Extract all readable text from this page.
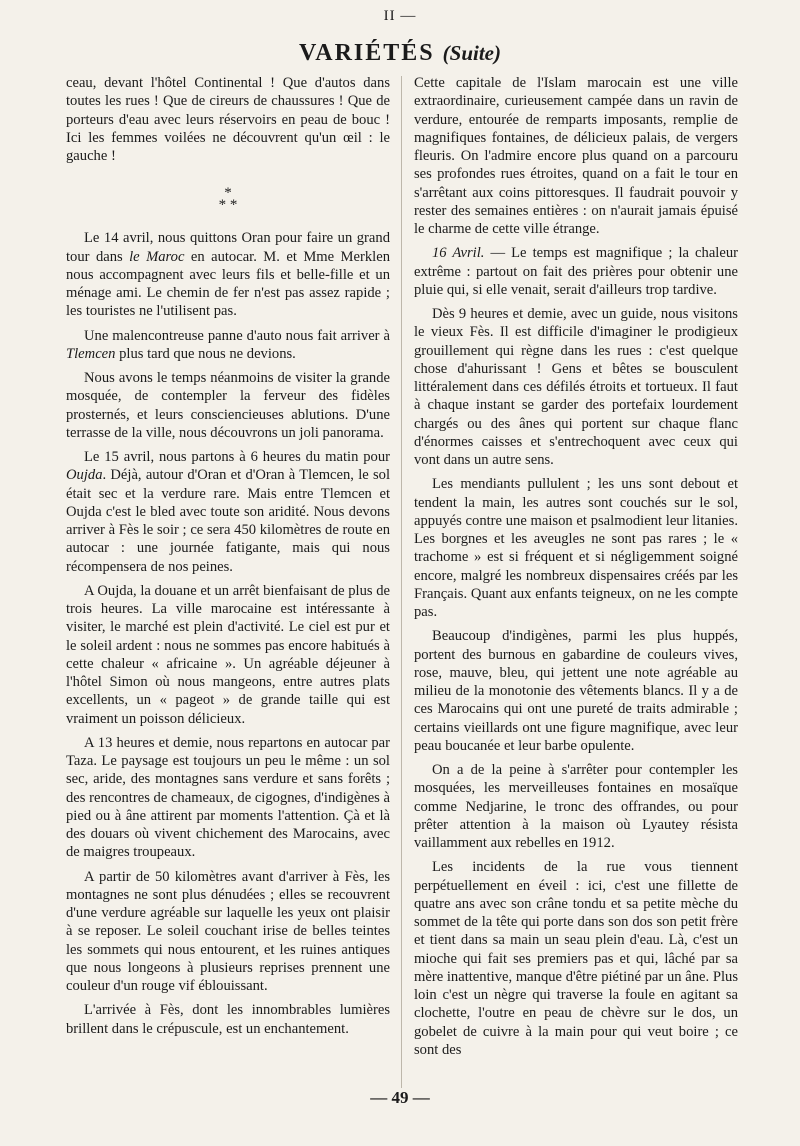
II —
VARIÉTÉS (Suite)

ceau, devant l'hôtel Continental ! Que d'autos dans toutes les rues ! Que de cireurs de chaussures ! Que de porteurs d'eau avec leurs réservoirs en peau de bouc ! Ici les femmes voilées ne découvrent qu'un œil : le gauche !

*
* *

Le 14 avril, nous quittons Oran pour faire un grand tour dans le Maroc en autocar. M. et Mme Merklen nous accompagnent avec leurs fils et belle-fille et un ménage ami. Le chemin de fer n'est pas assez rapide ; les touristes ne l'utilisent pas.

Une malencontreuse panne d'auto nous fait arriver à Tlemcen plus tard que nous ne devions.

Nous avons le temps néanmoins de visiter la grande mosquée, de contempler la ferveur des fidèles prosternés, et leurs consciencieuses ablutions. D'une terrasse de la ville, nous découvrons un joli panorama.

Le 15 avril, nous partons à 6 heures du matin pour Oujda. Déjà, autour d'Oran et d'Oran à Tlemcen, le sol était sec et la verdure rare. Mais entre Tlemcen et Oujda c'est le bled avec toute son aridité. Nous devons arriver à Fès le soir ; ce sera 450 kilomètres de route en autocar : une journée fatigante, mais qui nous récompensera de nos peines.

A Oujda, la douane et un arrêt bienfaisant de plus de trois heures. La ville marocaine est intéressante à visiter, le marché est plein d'activité. Le ciel est pur et le soleil ardent : nous ne sommes pas encore habitués à cette chaleur « africaine ». Un agréable déjeuner à l'hôtel Simon où nous mangeons, entre autres plats excellents, un « pageot » de grande taille qui est vraiment un poisson délicieux.

A 13 heures et demie, nous repartons en autocar par Taza. Le paysage est toujours un peu le même : un sol sec, aride, des montagnes sans verdure et sans forêts ; des rencontres de chameaux, de cigognes, d'indigènes à pied ou à âne attirent par moments l'attention. Çà et là des douars où vivent chichement des Marocains, avec de maigres troupeaux.

A partir de 50 kilomètres avant d'arriver à Fès, les montagnes ne sont plus dénudées ; elles se recouvrent d'une verdure agréable sur laquelle les yeux ont plaisir à se reposer. Le soleil couchant irise de belles teintes les sommets qui nous entourent, et les ruines antiques que nous longeons à plusieurs reprises prennent une couleur d'un rouge vif éblouissant.

L'arrivée à Fès, dont les innombrables lumières brillent dans le crépuscule, est un enchantement.

Cette capitale de l'Islam marocain est une ville extraordinaire, curieusement campée dans un ravin de verdure, entourée de remparts imposants, remplie de magnifiques fontaines, de délicieux palais, de vergers fleuris. On l'admire encore plus quand on a parcouru ses profondes rues étroites, quand on a fait le tour en s'arrêtant aux coins pittoresques. Il faudrait pouvoir y rester des semaines entières : on n'aurait jamais épuisé le charme de cette ville étrange.

16 Avril. — Le temps est magnifique ; la chaleur extrême : partout on fait des prières pour obtenir une pluie qui, si elle venait, serait d'ailleurs trop tardive.

Dès 9 heures et demie, avec un guide, nous visitons le vieux Fès. Il est difficile d'imaginer le prodigieux grouillement qui règne dans les rues : c'est quelque chose d'ahurissant ! Gens et bêtes se bousculent littéralement dans ces défilés étroits et tortueux. Il faut à chaque instant se garder des portefaix lourdement chargés ou des ânes qui portent sur chaque flanc d'énormes caisses et s'entrechoquent avec ceux qui vont dans un autre sens.

Les mendiants pullulent ; les uns sont debout et tendent la main, les autres sont couchés sur le sol, appuyés contre une maison et psalmodient leur litanies. Les borgnes et les aveugles ne sont pas rares ; le « trachome » est si fréquent et si négligemment soigné encore, malgré les nombreux dispensaires créés par les Français. Quant aux enfants teigneux, on ne les compte pas.

Beaucoup d'indigènes, parmi les plus huppés, portent des burnous en gabardine de couleurs vives, rose, mauve, bleu, qui jettent une note agréable au milieu de la monotonie des vêtements blancs. Il y a de ces Marocains qui ont une pureté de traits admirable ; certains vieillards ont une figure magnifique, avec leur peau boucanée et leur barbe opulente.

On a de la peine à s'arrêter pour contempler les mosquées, les merveilleuses fontaines en mosaïque comme Nedjarine, le tronc des offrandes, ou pour prêter attention à la maison où Lyautey résista vaillamment aux rebelles en 1912.

Les incidents de la rue vous tiennent perpétuellement en éveil : ici, c'est une fillette de quatre ans avec son crâne tondu et sa petite mèche du sommet de la tête qui porte dans son dos son petit frère et tient dans sa main un seau plein d'eau. Là, c'est un mioche qui fait ses premiers pas et qui, lâché par sa mère inattentive, manque d'être piétiné par un âne. Plus loin c'est un nègre qui traverse la foule en agitant sa clochette, l'outre en peau de chèvre sur le dos, un gobelet de cuivre à la main pour qui veut boire ; ce sont des

— 49 —
